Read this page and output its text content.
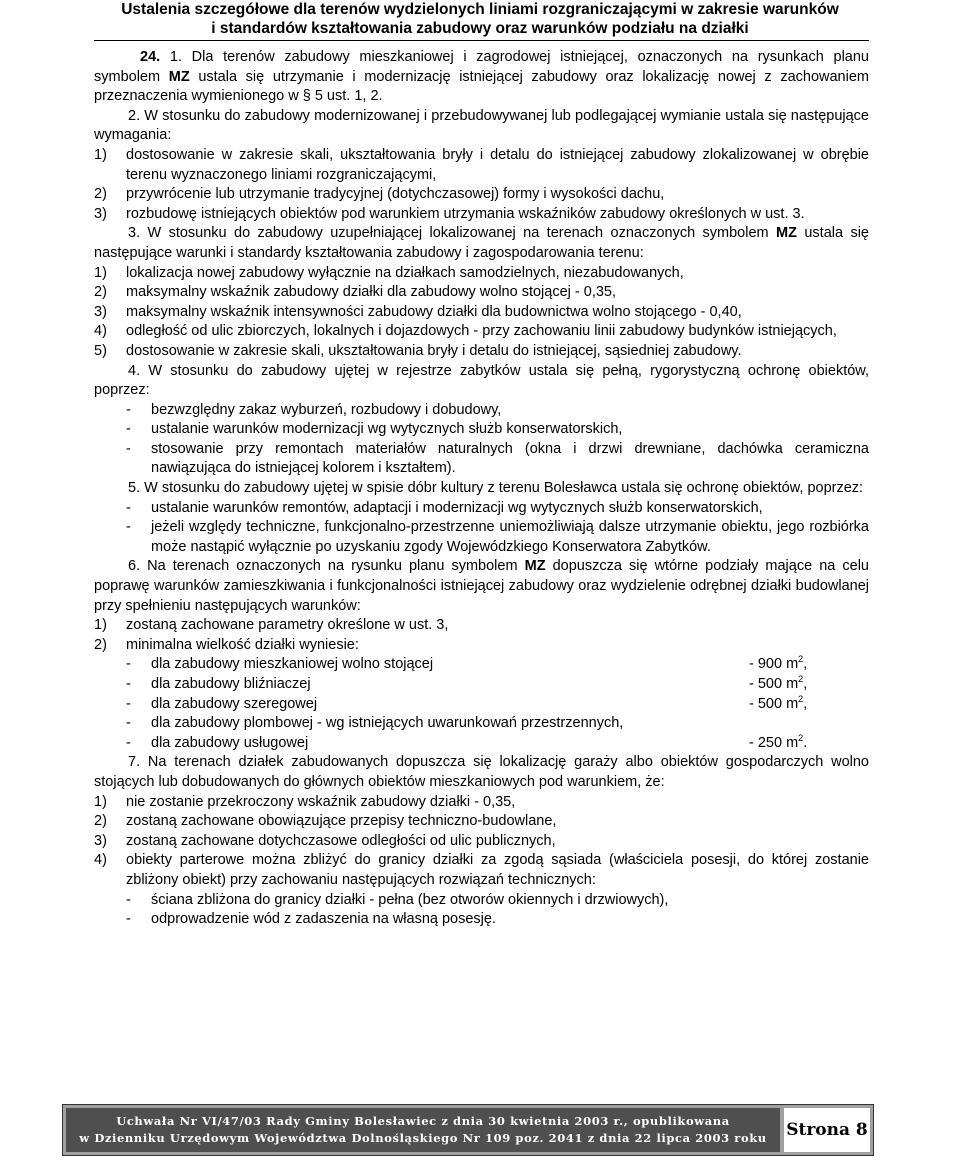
Ustalenia szczegółowe dla terenów wydzielonych liniami rozgraniczającymi w zakresie warunków
i standardów kształtowania zabudowy oraz warunków podziału na działki

24. 1. Dla terenów zabudowy mieszkaniowej i zagrodowej istniejącej, oznaczonych na rysunkach planu symbolem MZ ustala się utrzymanie i modernizację istniejącej zabudowy oraz lokalizację nowej z zachowaniem przeznaczenia wymienionego w § 5 ust. 1, 2.

2. W stosunku do zabudowy modernizowanej i przebudowywanej lub podlegającej wymianie ustala się następujące wymagania:

1) dostosowanie w zakresie skali, ukształtowania bryły i detalu do istniejącej zabudowy zlokalizowanej w obrębie terenu wyznaczonego liniami rozgraniczającymi,

2) przywrócenie lub utrzymanie tradycyjnej (dotychczasowej) formy i wysokości dachu,

3) rozbudowę istniejących obiektów pod warunkiem utrzymania wskaźników zabudowy określonych w ust. 3.

3. W stosunku do zabudowy uzupełniającej lokalizowanej na terenach oznaczonych symbolem MZ ustala się następujące warunki i standardy kształtowania zabudowy i zagospodarowania terenu:

1) lokalizacja nowej zabudowy wyłącznie na działkach samodzielnych, niezabudowanych,

2) maksymalny wskaźnik zabudowy działki dla zabudowy wolno stojącej - 0,35,

3) maksymalny wskaźnik intensywności zabudowy działki dla budownictwa wolno stojącego - 0,40,

4) odległość od ulic zbiorczych, lokalnych i dojazdowych - przy zachowaniu linii zabudowy budynków istniejących,

5) dostosowanie w zakresie skali, ukształtowania bryły i detalu do istniejącej, sąsiedniej zabudowy.

4. W stosunku do zabudowy ujętej w rejestrze zabytków ustala się pełną, rygorystyczną ochronę obiektów, poprzez:

- bezwzględny zakaz wyburzeń, rozbudowy i dobudowy,

- ustalanie warunków modernizacji wg wytycznych służb konserwatorskich,

- stosowanie przy remontach materiałów naturalnych (okna i drzwi drewniane, dachówka ceramiczna nawiązująca do istniejącej kolorem i kształtem).

5. W stosunku do zabudowy ujętej w spisie dóbr kultury z terenu Bolesławca ustala się ochronę obiektów, poprzez:

- ustalanie warunków remontów, adaptacji i modernizacji wg wytycznych służb konserwatorskich,

- jeżeli względy techniczne, funkcjonalno-przestrzenne uniemożliwiają dalsze utrzymanie obiektu, jego rozbiórka może nastąpić wyłącznie po uzyskaniu zgody Wojewódzkiego Konserwatora Zabytków.

6. Na terenach oznaczonych na rysunku planu symbolem MZ dopuszcza się wtórne podziały mające na celu poprawę warunków zamieszkiwania i funkcjonalności istniejącej zabudowy oraz wydzielenie odrębnej działki budowlanej przy spełnieniu następujących warunków:

1) zostaną zachowane parametry określone w ust. 3,

2) minimalna wielkość działki wyniesie:

- dla zabudowy mieszkaniowej wolno stojącej	- 900 $m^2$,

- dla zabudowy bliźniaczej	- 500 $m^2$,

- dla zabudowy szeregowej	- 500 $m^2$,

- dla zabudowy plombowej - wg istniejących uwarunkowań przestrzennych,

- dla zabudowy usługowej	- 250 $m^2$.

7. Na terenach działek zabudowanych dopuszcza się lokalizację garaży albo obiektów gospodarczych wolno stojących lub dobudowanych do głównych obiektów mieszkaniowych pod warunkiem, że:

1) nie zostanie przekroczony wskaźnik zabudowy działki - 0,35,

2) zostaną zachowane obowiązujące przepisy techniczno-budowlane,

3) zostaną zachowane dotychczasowe odległości od ulic publicznych,

4) obiekty parterowe można zbliżyć do granicy działki za zgodą sąsiada (właściciela posesji, do której zostanie zbliżony obiekt) przy zachowaniu następujących rozwiązań technicznych:

- ściana zbliżona do granicy działki - pełna (bez otworów okiennych i drzwiowych),

- odprowadzenie wód z zadaszenia na własną posesję.

Uchwała Nr VI/47/03 Rady Gminy Bolesławiec z dnia 30 kwietnia 2003 r., opublikowana
w Dzienniku Urzędowym Województwa Dolnośląskiego Nr 109 poz. 2041 z dnia 22 lipca 2003 roku	Strona 8
